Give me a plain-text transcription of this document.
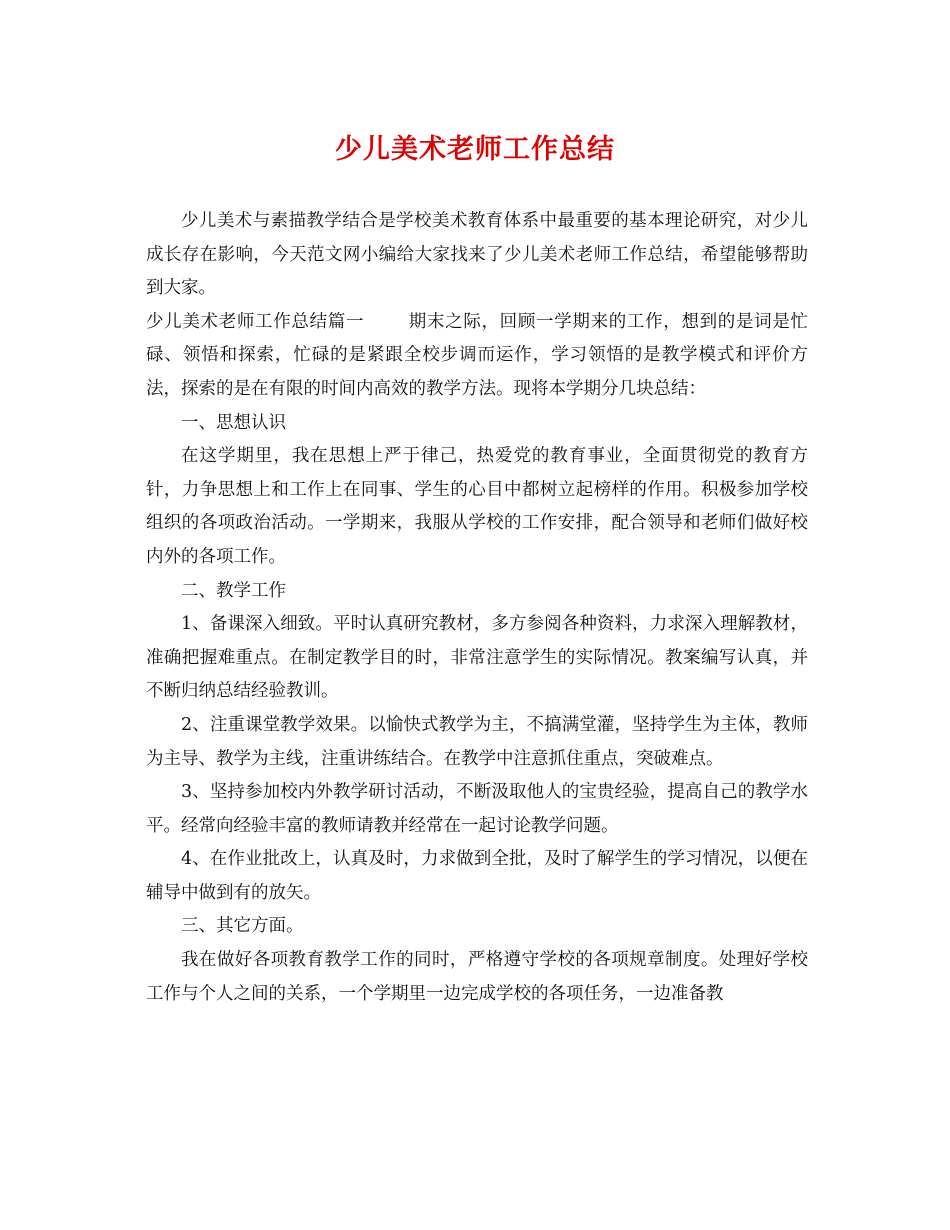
少儿美术老师工作总结

少儿美术与素描教学结合是学校美术教育体系中最重要的基本理论研究，对少儿成长存在影响，今天范文网小编给大家找来了少儿美术老师工作总结，希望能够帮助到大家。

少儿美术老师工作总结篇一	期末之际，回顾一学期来的工作，想到的是词是忙碌、领悟和探索，忙碌的是紧跟全校步调而运作，学习领悟的是教学模式和评价方法，探索的是在有限的时间内高效的教学方法。现将本学期分几块总结：

一、思想认识

在这学期里，我在思想上严于律己，热爱党的教育事业，全面贯彻党的教育方针，力争思想上和工作上在同事、学生的心目中都树立起榜样的作用。积极参加学校组织的各项政治活动。一学期来，我服从学校的工作安排，配合领导和老师们做好校内外的各项工作。

二、教学工作

1、备课深入细致。平时认真研究教材，多方参阅各种资料，力求深入理解教材，准确把握难重点。在制定教学目的时，非常注意学生的实际情况。教案编写认真，并不断归纳总结经验教训。

2、注重课堂教学效果。以愉快式教学为主，不搞满堂灌，坚持学生为主体，教师为主导、教学为主线，注重讲练结合。在教学中注意抓住重点，突破难点。

3、坚持参加校内外教学研讨活动，不断汲取他人的宝贵经验，提高自己的教学水平。经常向经验丰富的教师请教并经常在一起讨论教学问题。

4、在作业批改上，认真及时，力求做到全批，及时了解学生的学习情况，以便在辅导中做到有的放矢。

三、其它方面。

我在做好各项教育教学工作的同时，严格遵守学校的各项规章制度。处理好学校工作与个人之间的关系，一个学期里一边完成学校的各项任务，一边准备教
